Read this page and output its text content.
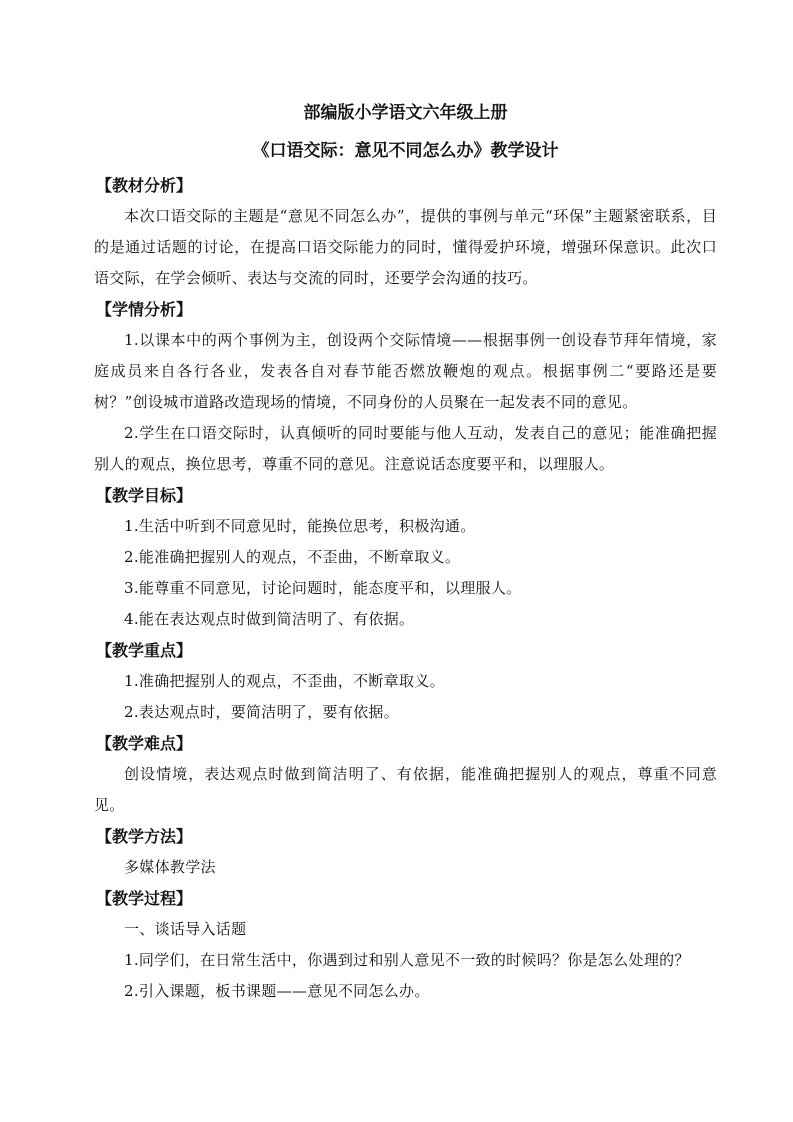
部编版小学语文六年级上册
《口语交际：意见不同怎么办》教学设计
【教材分析】

本次口语交际的主题是“意见不同怎么办”，提供的事例与单元“环保”主题紧密联系，目的是通过话题的讨论，在提高口语交际能力的同时，懂得爱护环境，增强环保意识。此次口语交际，在学会倾听、表达与交流的同时，还要学会沟通的技巧。

【学情分析】

1.以课本中的两个事例为主，创设两个交际情境——根据事例一创设春节拜年情境，家庭成员来自各行各业，发表各自对春节能否燃放鞭炮的观点。根据事例二“要路还是要树？”创设城市道路改造现场的情境，不同身份的人员聚在一起发表不同的意见。

2.学生在口语交际时，认真倾听的同时要能与他人互动，发表自己的意见；能准确把握别人的观点，换位思考，尊重不同的意见。注意说话态度要平和，以理服人。

【教学目标】
1.生活中听到不同意见时，能换位思考，积极沟通。
2.能准确把握别人的观点，不歪曲，不断章取义。
3.能尊重不同意见，讨论问题时，能态度平和，以理服人。
4.能在表达观点时做到简洁明了、有依据。
【教学重点】
1.准确把握别人的观点，不歪曲，不断章取义。
2.表达观点时，要简洁明了，要有依据。
【教学难点】

创设情境，表达观点时做到简洁明了、有依据，能准确把握别人的观点，尊重不同意见。

【教学方法】
多媒体教学法
【教学过程】
一、谈话导入话题
1.同学们，在日常生活中，你遇到过和别人意见不一致的时候吗？你是怎么处理的？
2.引入课题，板书课题——意见不同怎么办。
